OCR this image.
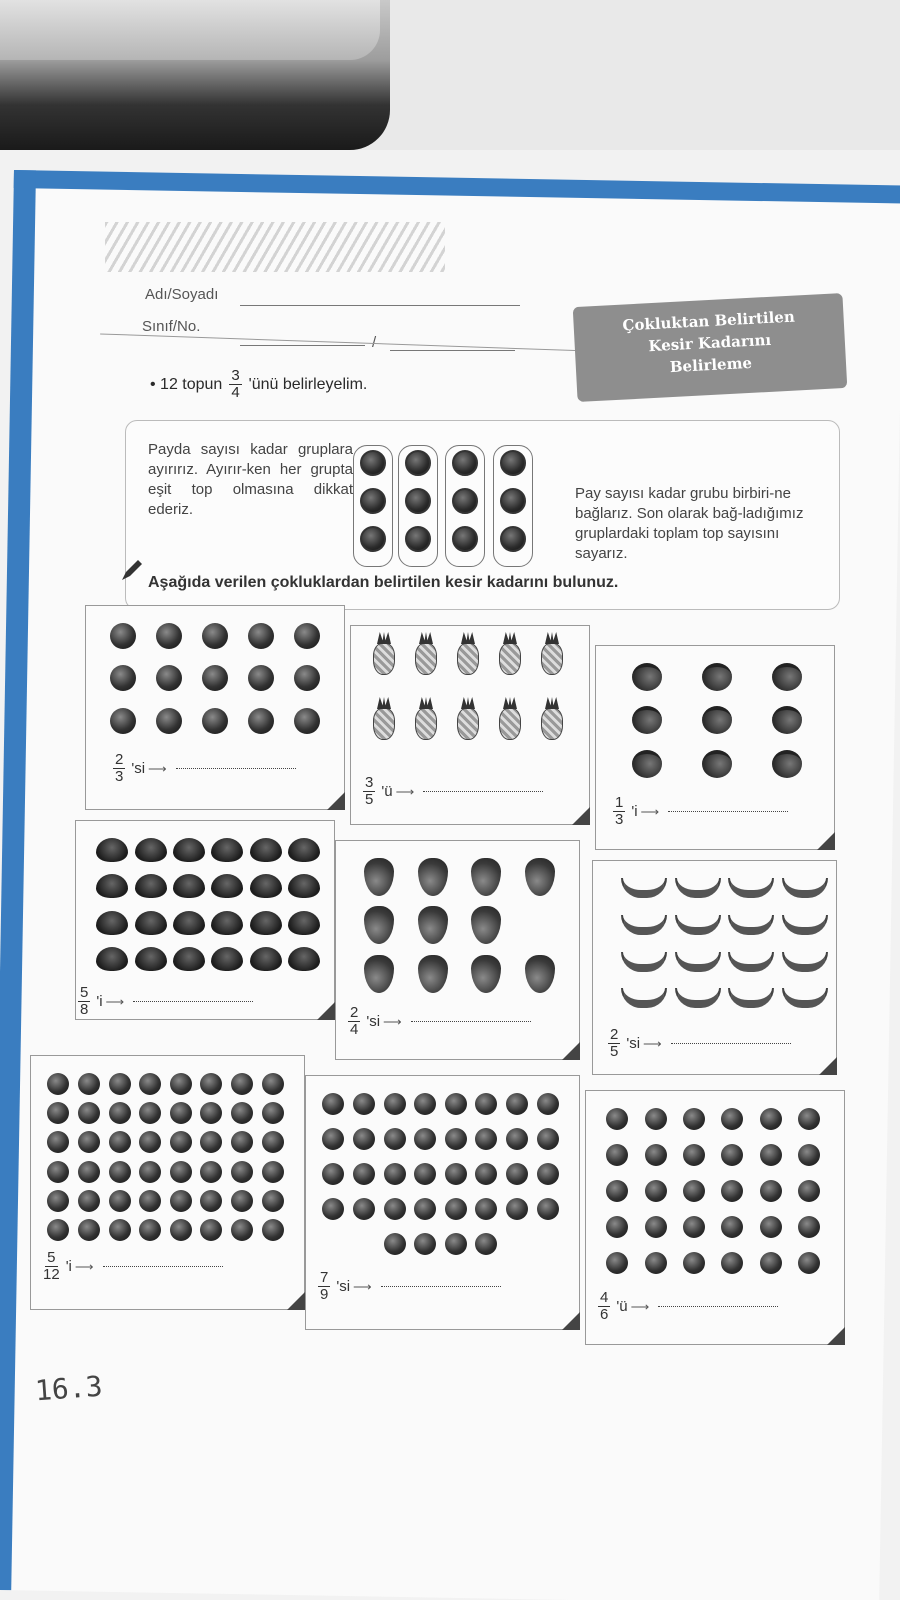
Adı/Soyadı
Sınıf/No.
/
Çokluktan Belirtilen
Kesir Kadarını
Belirleme
• 12 topun $\frac{3}{4}$ 'ünü belirleyelim.
Payda sayısı kadar gruplara ayırırız. Ayırır-ken her grupta eşit top olmasına dikkat ederiz.
Pay sayısı kadar grubu birbiri-ne bağlarız. Son olarak bağ-ladığımız gruplardaki toplam top sayısını sayarız.
Aşağıda verilen çokluklardan belirtilen kesir kadarını bulunuz.
$\frac{2}{3}$ 'si ⟶
$\frac{3}{5}$ 'ü ⟶
$\frac{1}{3}$ 'i ⟶
$\frac{5}{8}$ 'i ⟶
$\frac{2}{4}$ 'si ⟶
$\frac{2}{5}$ 'si ⟶
$\frac{5}{12}$ 'i ⟶
$\frac{7}{9}$ 'si ⟶
$\frac{4}{6}$ 'ü ⟶
16.3
